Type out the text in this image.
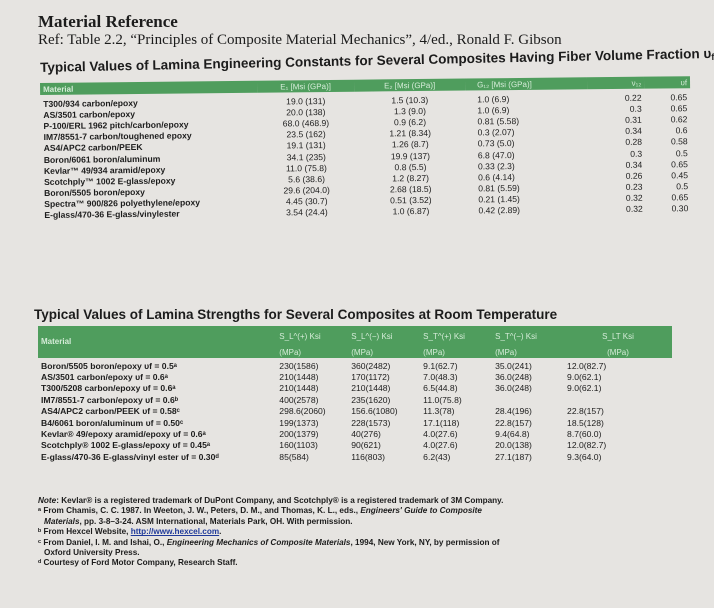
Material Reference
Ref: Table 2.2, “Principles of Composite Material Mechanics”, 4/ed., Ronald F. Gibson
Typical Values of Lamina Engineering Constants for Several Composites Having Fiber Volume Fraction $\upsilon_f$
Material	E₁ [Msi (GPa)]	E₂ [Msi (GPa)]	G₁₂ [Msi (GPa)]	ν₁₂	υf
T300/934 carbon/epoxy	19.0 (131)	1.5 (10.3)	1.0 (6.9)	0.22	0.65
AS/3501 carbon/epoxy	20.0 (138)	1.3 (9.0)	1.0 (6.9)	0.3	0.65
P-100/ERL 1962 pitch/carbon/epoxy	68.0 (468.9)	0.9 (6.2)	0.81 (5.58)	0.31	0.62
IM7/8551-7 carbon/toughened epoxy	23.5 (162)	1.21 (8.34)	0.3 (2.07)	0.34	0.6
AS4/APC2 carbon/PEEK	19.1 (131)	1.26 (8.7)	0.73 (5.0)	0.28	0.58
Boron/6061 boron/aluminum	34.1 (235)	19.9 (137)	6.8 (47.0)	0.3	0.5
Kevlar™ 49/934 aramid/epoxy	11.0 (75.8)	0.8 (5.5)	0.33 (2.3)	0.34	0.65
Scotchply™ 1002 E-glass/epoxy	5.6 (38.6)	1.2 (8.27)	0.6 (4.14)	0.26	0.45
Boron/5505 boron/epoxy	29.6 (204.0)	2.68 (18.5)	0.81 (5.59)	0.23	0.5
Spectra™ 900/826 polyethylene/epoxy	4.45 (30.7)	0.51 (3.52)	0.21 (1.45)	0.32	0.65
E-glass/470-36 E-glass/vinylester	3.54 (24.4)	1.0 (6.87)	0.42 (2.89)	0.32	0.30
Typical Values of Lamina Strengths for Several Composites at Room Temperature
Material	S_L^(+) Ksi	S_L^(−) Ksi	S_T^(+) Ksi	S_T^(−) Ksi	S_LT Ksi
	(MPa)	(MPa)	(MPa)	(MPa)	(MPa)
Boron/5505 boron/epoxy υf = 0.5ᵃ	230(1586)	360(2482)	9.1(62.7)	35.0(241)	12.0(82.7)
AS/3501 carbon/epoxy υf = 0.6ᵃ	210(1448)	170(1172)	7.0(48.3)	36.0(248)	9.0(62.1)
T300/5208 carbon/epoxy υf = 0.6ᵃ	210(1448)	210(1448)	6.5(44.8)	36.0(248)	9.0(62.1)
IM7/8551-7 carbon/epoxy υf = 0.6ᵇ	400(2578)	235(1620)	11.0(75.8)		
AS4/APC2 carbon/PEEK υf = 0.58ᶜ	298.6(2060)	156.6(1080)	11.3(78)	28.4(196)	22.8(157)
B4/6061 boron/aluminum υf = 0.50ᶜ	199(1373)	228(1573)	17.1(118)	22.8(157)	18.5(128)
Kevlar® 49/epoxy aramid/epoxy υf = 0.6ᵃ	200(1379)	40(276)	4.0(27.6)	9.4(64.8)	8.7(60.0)
Scotchply® 1002 E-glass/epoxy υf = 0.45ᵃ	160(1103)	90(621)	4.0(27.6)	20.0(138)	12.0(82.7)
E-glass/470-36 E-glass/vinyl ester υf = 0.30ᵈ	85(584)	116(803)	6.2(43)	27.1(187)	9.3(64.0)
Note: Kevlar® is a registered trademark of DuPont Company, and Scotchply® is a registered trademark of 3M Company.
ᵃ From Chamis, C. C. 1987. In Weeton, J. W., Peters, D. M., and Thomas, K. L., eds., Engineers' Guide to Composite
Materials, pp. 3-8–3-24. ASM International, Materials Park, OH. With permission.
ᵇ From Hexcel Website, http://www.hexcel.com.
ᶜ From Daniel, I. M. and Ishai, O., Engineering Mechanics of Composite Materials, 1994, New York, NY, by permission of
Oxford University Press.
ᵈ Courtesy of Ford Motor Company, Research Staff.
